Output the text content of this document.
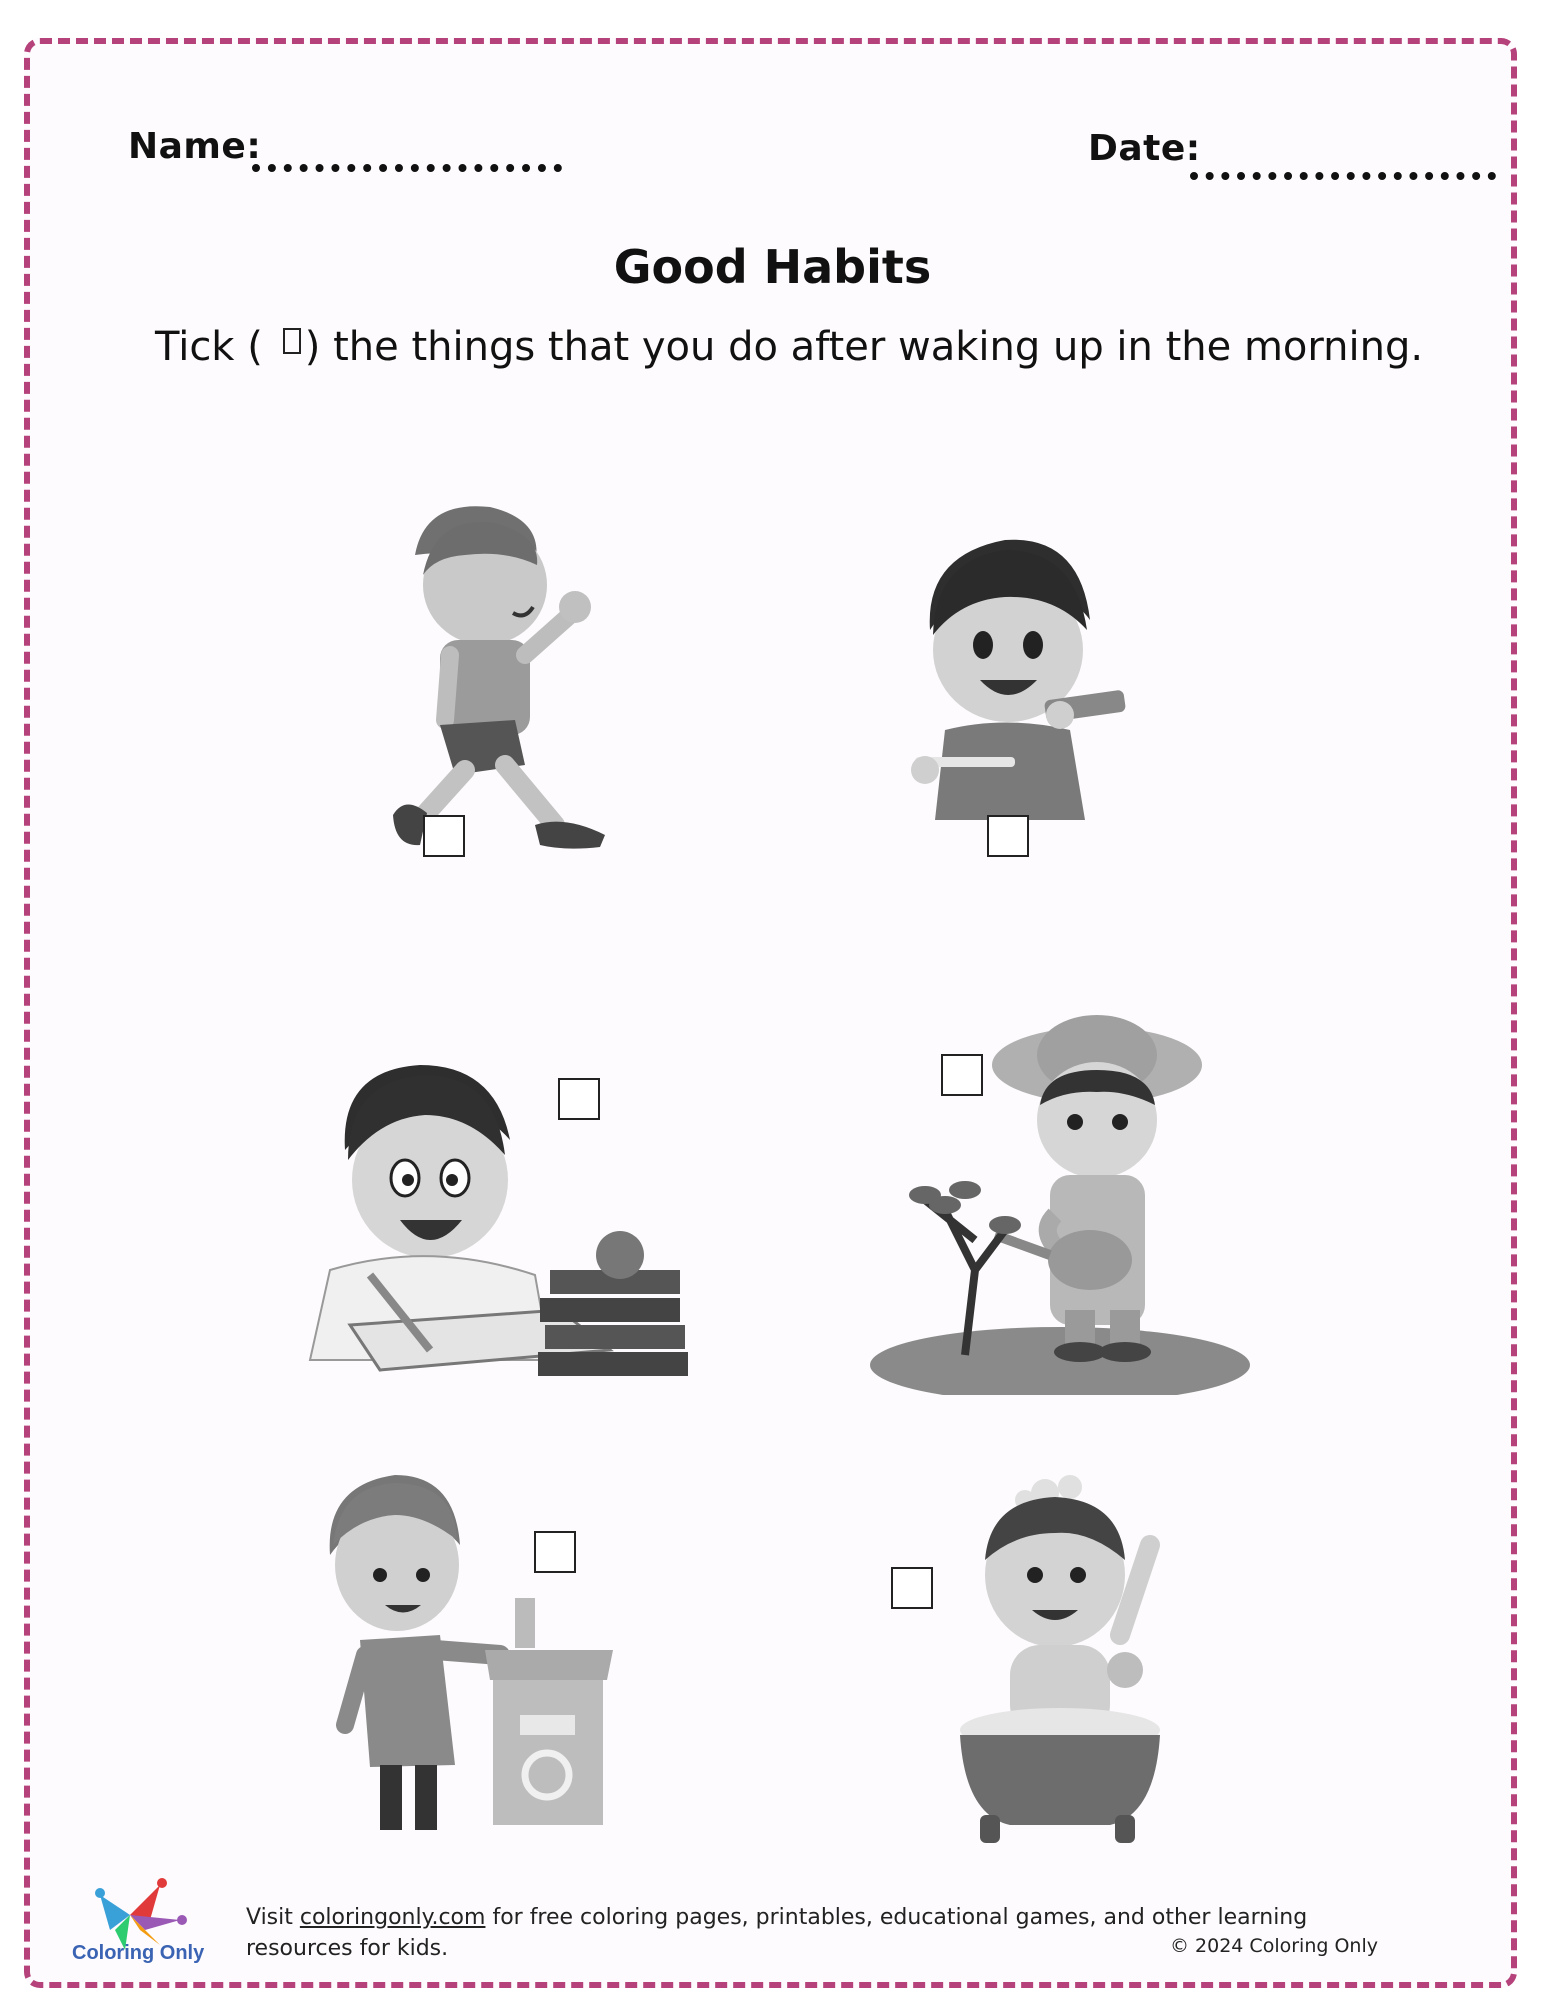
Name:	Date:
Good Habits
Tick ( ) the things that you do after waking up in the morning.
Coloring Only
Visit coloringonly.com for free coloring pages, printables, educational games, and other learning resources for kids.	© 2024 Coloring Only
